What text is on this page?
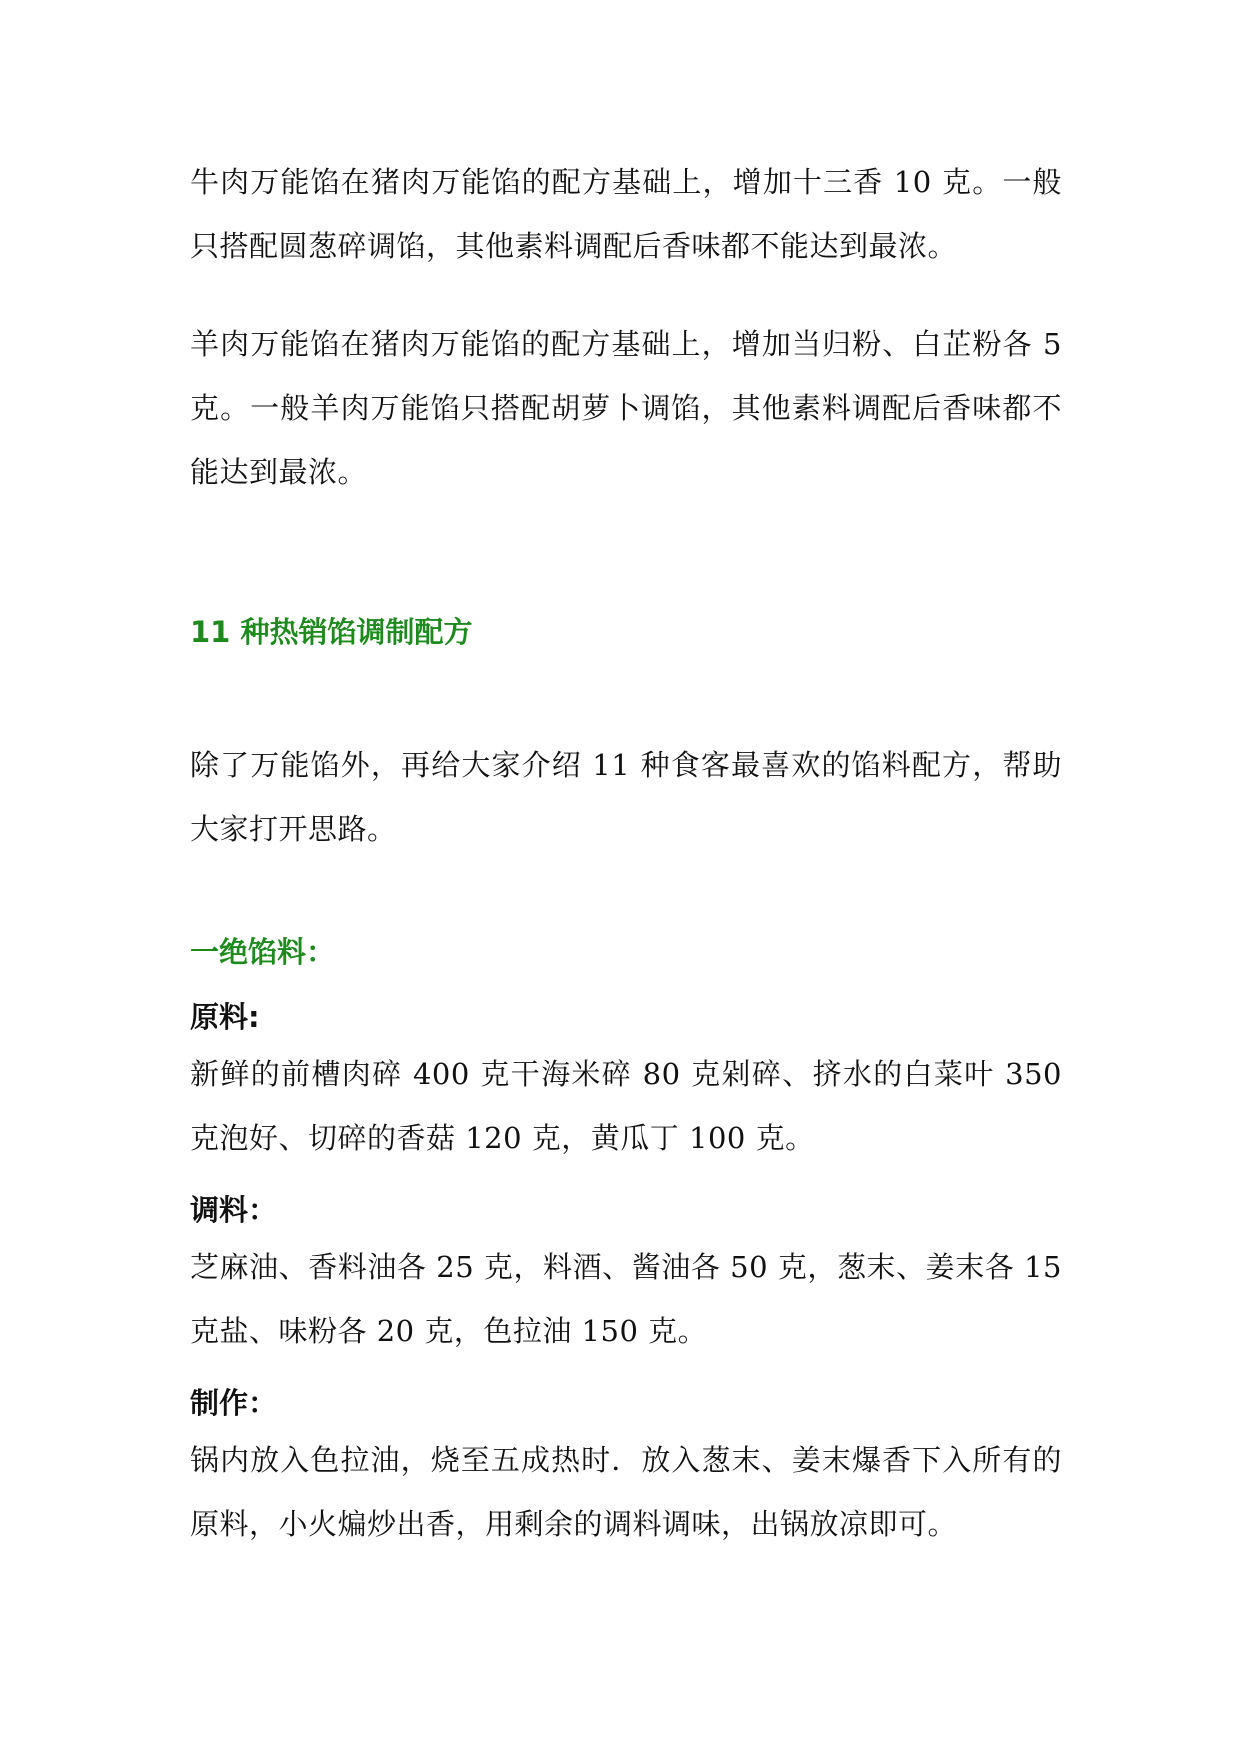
牛肉万能馅在猪肉万能馅的配方基础上，增加十三香 10 克。一般只搭配圆葱碎调馅，其他素料调配后香味都不能达到最浓。

羊肉万能馅在猪肉万能馅的配方基础上，增加当归粉、白芷粉各 5 克。一般羊肉万能馅只搭配胡萝卜调馅，其他素料调配后香味都不能达到最浓。

11 种热销馅调制配方

除了万能馅外，再给大家介绍 11 种食客最喜欢的馅料配方，帮助大家打开思路。

一绝馅料：
原料:

新鲜的前槽肉碎 400 克干海米碎 80 克剁碎、挤水的白菜叶 350 克泡好、切碎的香菇 120 克，黄瓜丁 100 克。

调料：

芝麻油、香料油各 25 克，料酒、酱油各 50 克，葱末、姜末各 15 克盐、味粉各 20 克，色拉油 150 克。

制作：

锅内放入色拉油，烧至五成热时．放入葱末、姜末爆香下入所有的原料，小火煸炒出香，用剩余的调料调味，出锅放凉即可。
